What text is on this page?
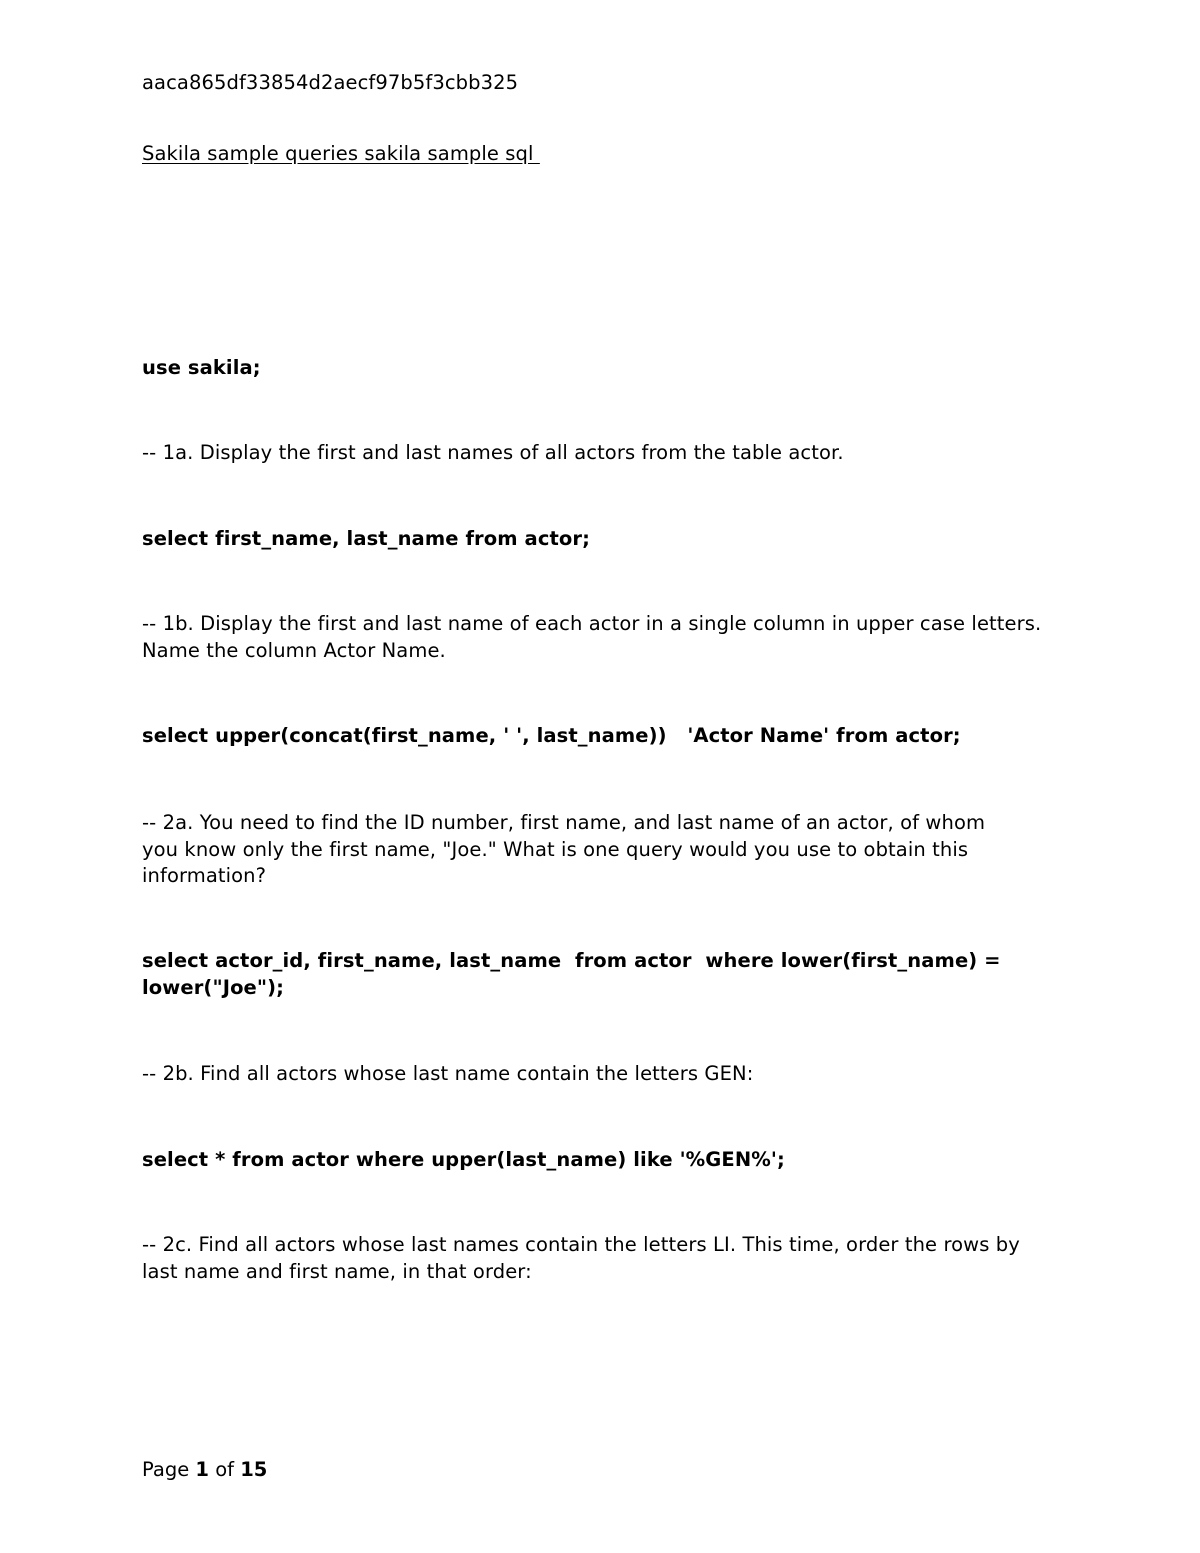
aaca865df33854d2aecf97b5f3cbb325
Sakila sample queries sakila sample sql
use sakila;
-- 1a. Display the first and last names of all actors from the table actor.
select first_name, last_name from actor;
-- 1b. Display the first and last name of each actor in a single column in upper case letters. Name the column Actor Name.
select upper(concat(first_name, ' ', last_name))   'Actor Name' from actor;
-- 2a. You need to find the ID number, first name, and last name of an actor, of whom you know only the first name, "Joe." What is one query would you use to obtain this information?
select actor_id, first_name, last_name  from actor  where lower(first_name) = lower("Joe");
-- 2b. Find all actors whose last name contain the letters GEN:
select * from actor where upper(last_name) like '%GEN%';
-- 2c. Find all actors whose last names contain the letters LI. This time, order the rows by last name and first name, in that order:
Page 1 of 15
